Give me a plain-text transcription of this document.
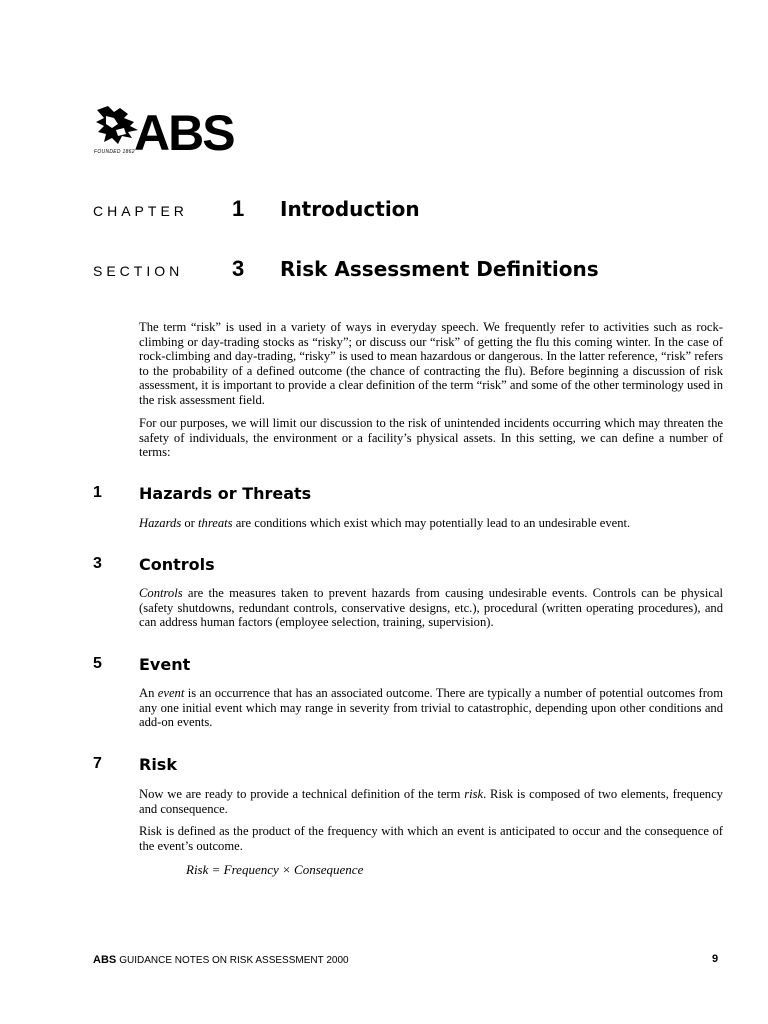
ABS
FOUNDED 1862
CHAPTER 1 Introduction
SECTION 3 Risk Assessment Definitions

The term “risk” is used in a variety of ways in everyday speech. We frequently refer to activities such as rock-climbing or day-trading stocks as “risky”; or discuss our “risk” of getting the flu this coming winter. In the case of rock-climbing and day-trading, “risky” is used to mean hazardous or dangerous. In the latter reference, “risk” refers to the probability of a defined outcome (the chance of contracting the flu). Before beginning a discussion of risk assessment, it is important to provide a clear definition of the term “risk” and some of the other terminology used in the risk assessment field.

For our purposes, we will limit our discussion to the risk of unintended incidents occurring which may threaten the safety of individuals, the environment or a facility’s physical assets. In this setting, we can define a number of terms:

1 Hazards or Threats

Hazards or threats are conditions which exist which may potentially lead to an undesirable event.

3 Controls

Controls are the measures taken to prevent hazards from causing undesirable events. Controls can be physical (safety shutdowns, redundant controls, conservative designs, etc.), procedural (written operating procedures), and can address human factors (employee selection, training, supervision).

5 Event

An event is an occurrence that has an associated outcome. There are typically a number of potential outcomes from any one initial event which may range in severity from trivial to catastrophic, depending upon other conditions and add-on events.

7 Risk

Now we are ready to provide a technical definition of the term risk. Risk is composed of two elements, frequency and consequence.

Risk is defined as the product of the frequency with which an event is anticipated to occur and the consequence of the event’s outcome.

Risk = Frequency × Consequence
ABS GUIDANCE NOTES ON RISK ASSESSMENT 2000	9
